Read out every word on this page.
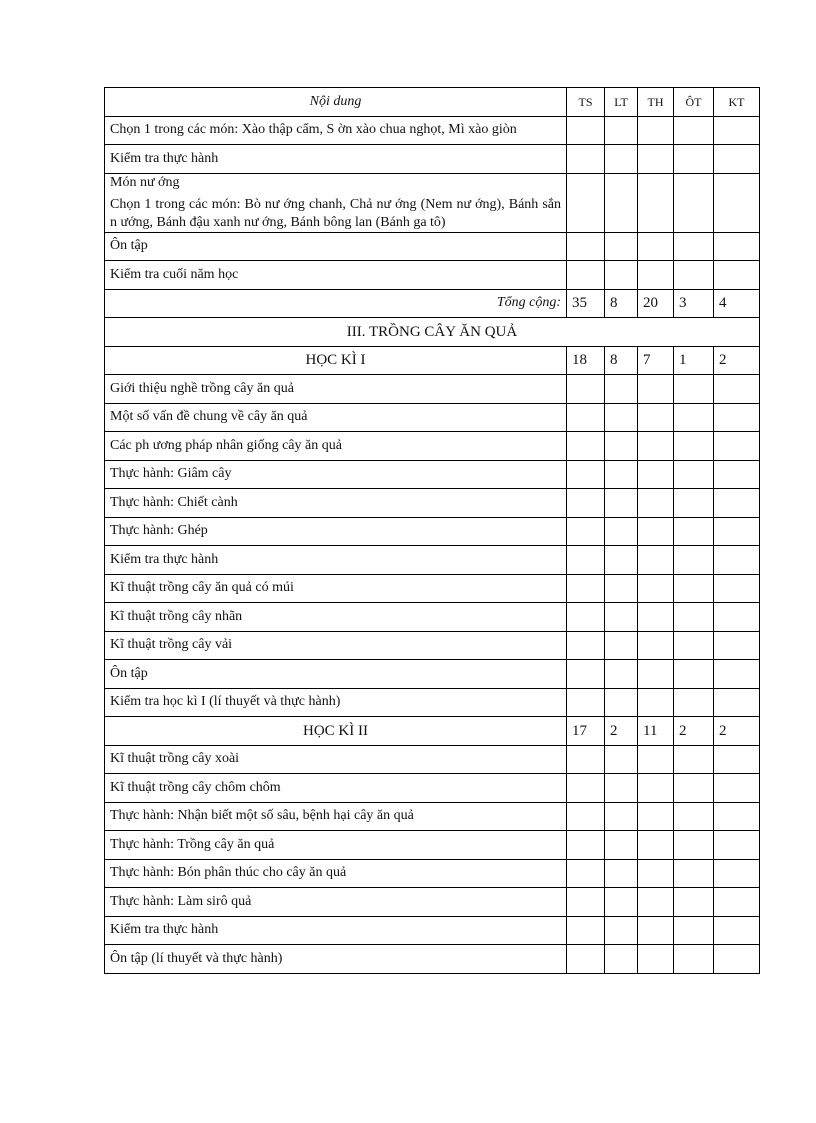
Nội dung	TS	LT	TH	ÔT	KT
Chọn 1 trong các món: Xào thập cẩm, S ờn xào chua nghọt, Mì xào giòn					
Kiểm tra thực hành					

Món nư ớng

Chọn 1 trong các món: Bò nư ớng chanh, Chả nư ớng (Nem nư ớng), Bánh sắn n ướng, Bánh đậu xanh nư ớng, Bánh bông lan (Bánh ga tô)					

Ôn tập					
Kiểm tra cuối năm học					
Tổng cộng:	35	8	20	3	4
III. TRỒNG CÂY ĂN QUẢ					
HỌC KÌ I	18	8	7	1	2
Giới thiệu nghề trồng cây ăn quả					
Một số vấn đề chung về cây ăn quả					
Các ph ương pháp nhân giống cây ăn quả					
Thực hành: Giâm cây					
Thực hành: Chiết cành					
Thực hành: Ghép					
Kiểm tra thực hành					
Kĩ thuật trồng cây ăn quả có múi					
Kĩ thuật trồng cây nhãn					
Kĩ thuật trồng cây vải					
Ôn tập					
Kiểm tra học kì I (lí thuyết và thực hành)					
HỌC KÌ II	17	2	11	2	2
Kĩ thuật trồng cây xoài					
Kĩ thuật trồng cây chôm chôm					
Thực hành: Nhận biết một số sâu, bệnh hại cây ăn quả					
Thực hành: Trồng cây ăn quả					
Thực hành: Bón phân thúc cho cây ăn quả					
Thực hành: Làm sirô quả					
Kiểm tra thực hành					
Ôn tập (lí thuyết và thực hành)					
